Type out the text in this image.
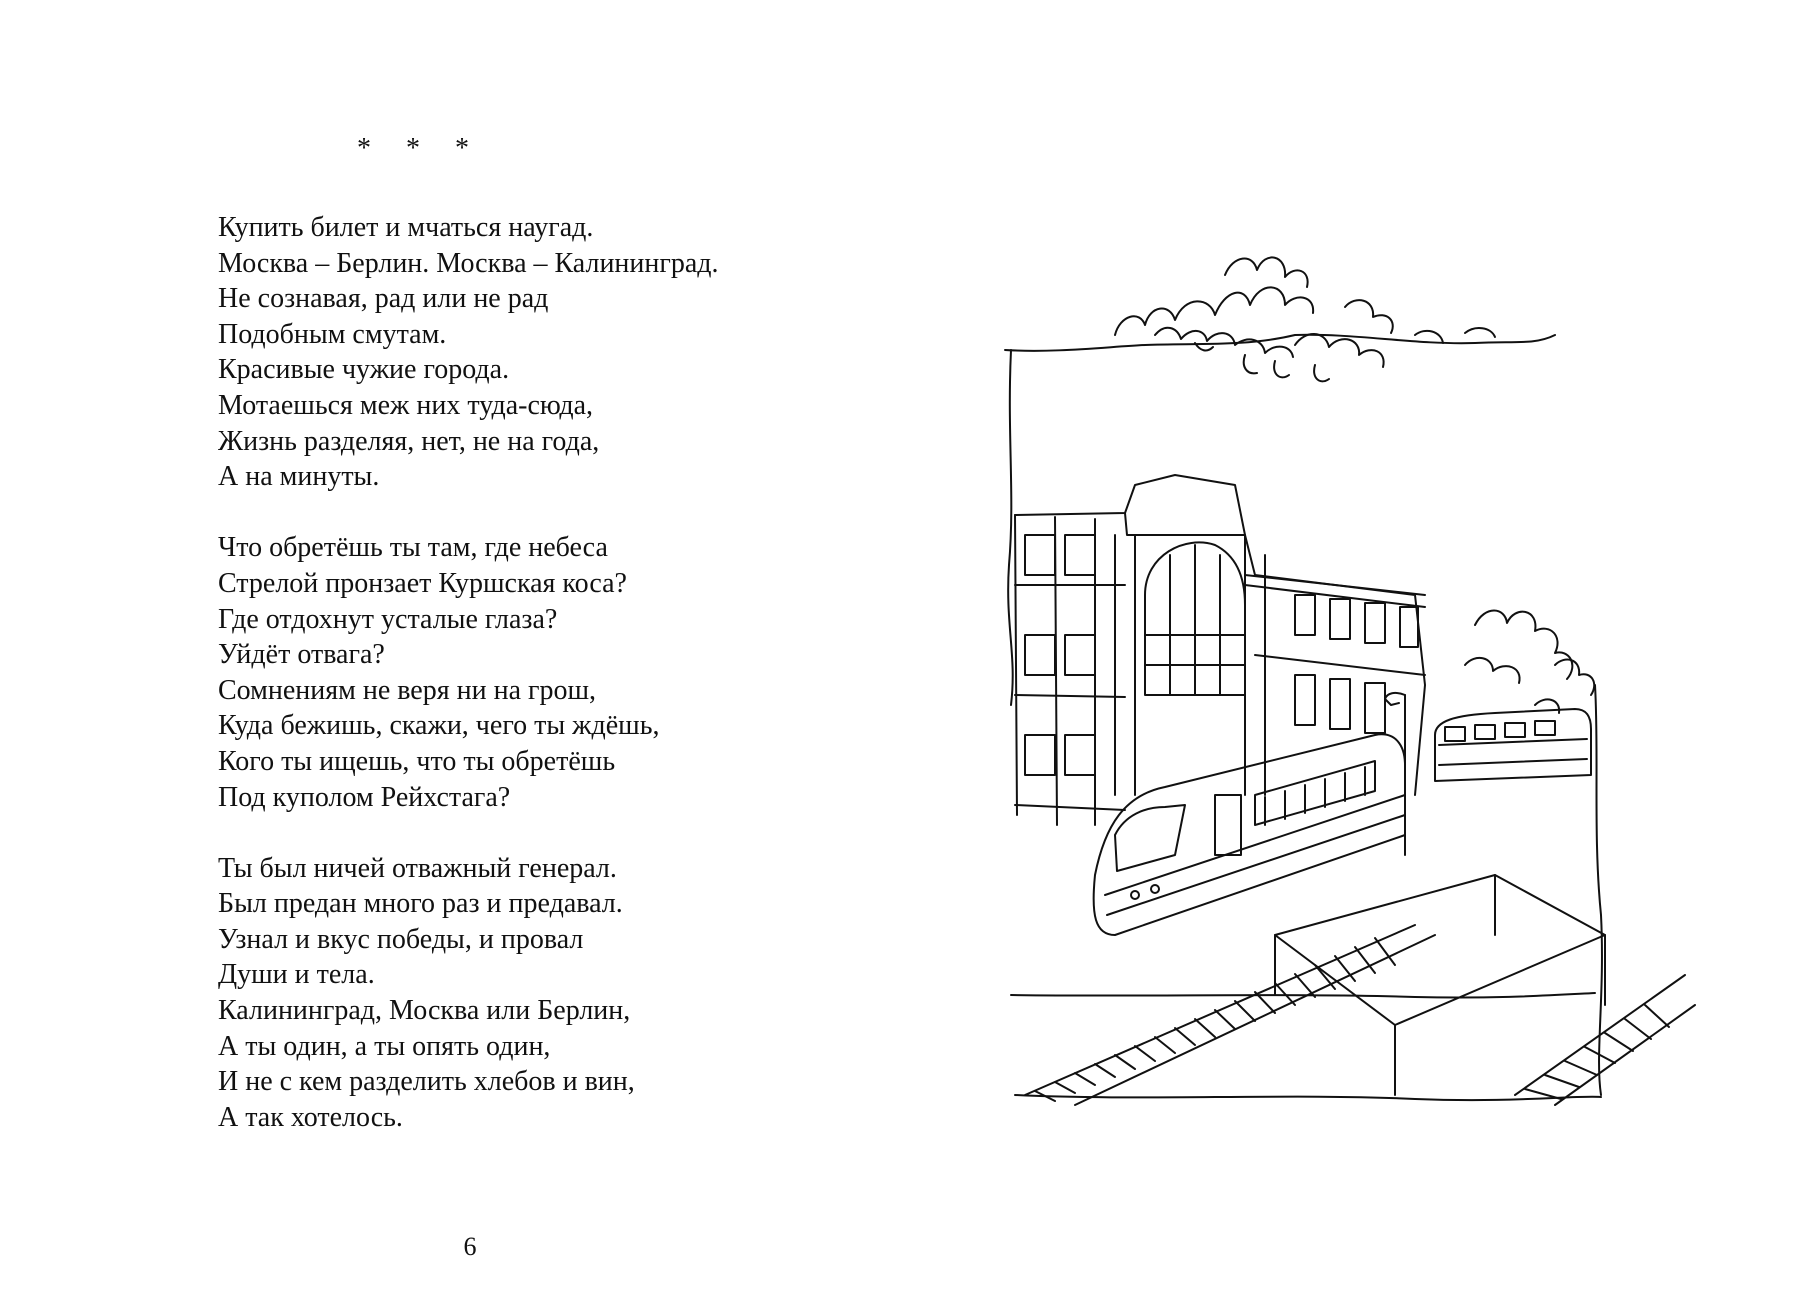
* * *
Купить билет и мчаться наугад.
Москва – Берлин. Москва – Калининград.
Не сознавая, рад или не рад
Подобным смутам.
Красивые чужие города.
Мотаешься меж них туда-сюда,
Жизнь разделяя, нет, не на года,
А на минуты.
Что обретёшь ты там, где небеса
Стрелой пронзает Куршская коса?
Где отдохнут усталые глаза?
Уйдёт отвага?
Сомнениям не веря ни на грош,
Куда бежишь, скажи, чего ты ждёшь,
Кого ты ищешь, что ты обретёшь
Под куполом Рейхстага?
Ты был ничей отважный генерал.
Был предан много раз и предавал.
Узнал и вкус победы, и провал
Души и тела.
Калининград, Москва или Берлин,
А ты один, а ты опять один,
И не с кем разделить хлебов и вин,
А так хотелось.
6
